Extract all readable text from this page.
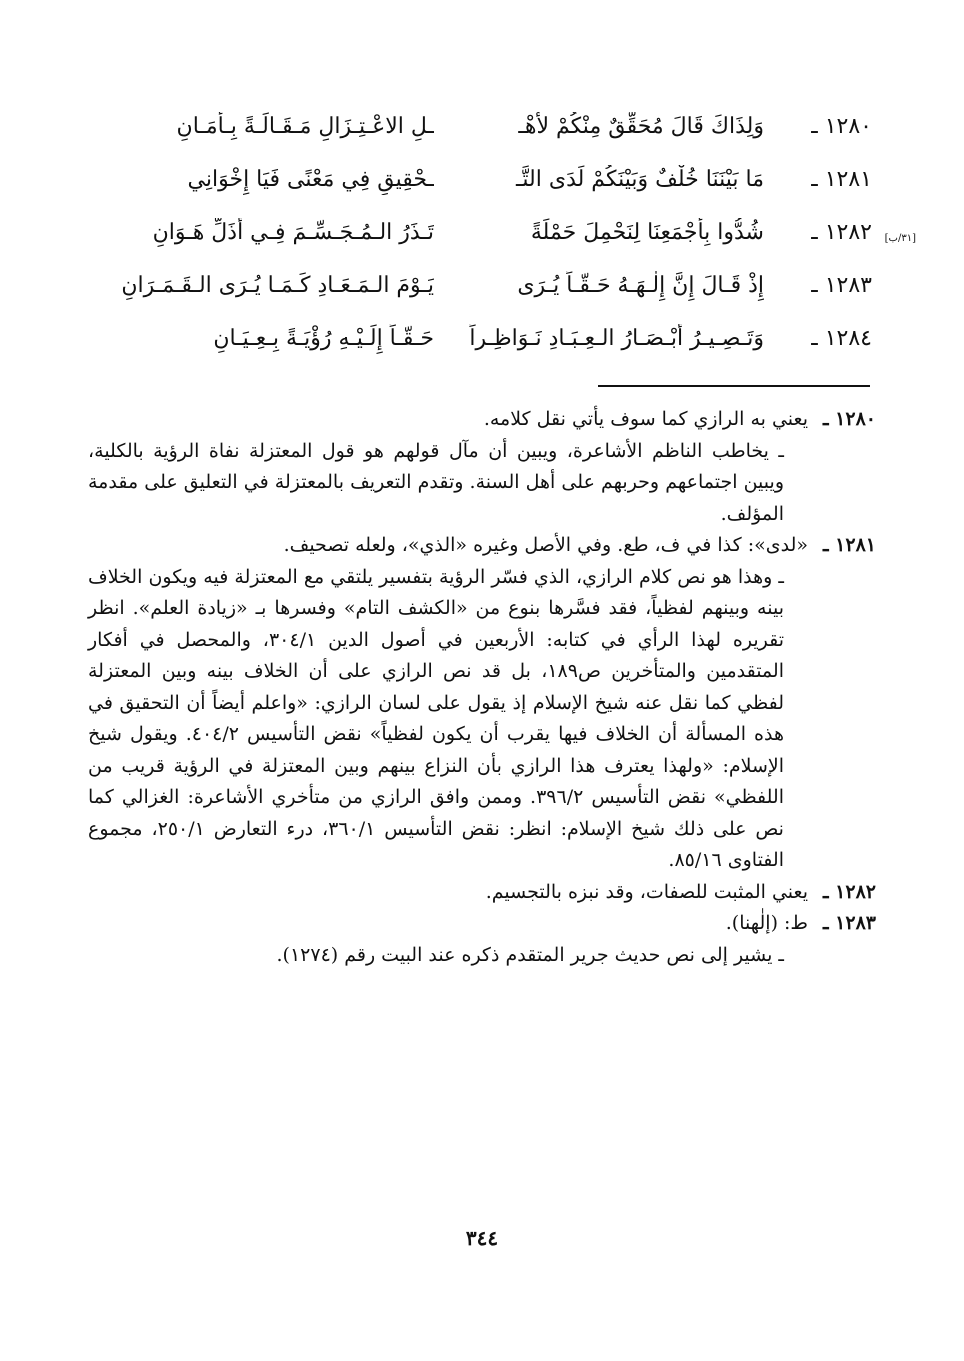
١٢٨٠ ـ
وَلِذَاكَ قَالَ مُحَقِّقٌ مِنْكُمْ لأَهْـ
ـلِ الاعْـتِـزَالِ مَـقَـالَـةً بِـأَمَـانِ
١٢٨١ ـ
مَا بَيْنَنَا خُلْفٌ وَبَيْنَكُمْ لَدَى التَّـ
ـحْقِيقِ فِي مَعْنًى فَيَا إِخْوَانِي
[٣١/ب]
١٢٨٢ ـ
شُدُّوا بِأَجْمَعِنَا لِنَحْمِلَ حَمْلَةً
تَـذَرُ الـمُـجَـسِّـمَ فِـي أَذَلِّ هَـوَانِ
١٢٨٣ ـ
إِذْ قَـالَ إِنَّ إِلٰـهَـهُ حَـقّـاً يُـرَى
يَـوْمَ الـمَـعَـادِ كَـمَـا يُـرَى الـقَـمَـرَانِ
١٢٨٤ ـ
وَتَـصِـيـرُ أَبْـصَـارُ الـعِـبَـادِ نَـوَاظِـراً
حَـقّـاً إِلَـيْـهِ رُؤْيَـةً بِـعِـيَـانِ
١٢٨٠ ـ
يعني به الرازي كما سوف يأتي نقل كلامه.
ـ يخاطب الناظم الأشاعرة، ويبين أن مآل قولهم هو قول المعتزلة نفاة الرؤية بالكلية، ويبين اجتماعهم وحربهم على أهل السنة. وتقدم التعريف بالمعتزلة في التعليق على مقدمة المؤلف.
١٢٨١ ـ
«لدى»: كذا في ف، طع. وفي الأصل وغيره «الذي»، ولعله تصحيف.
ـ وهذا هو نص كلام الرازي، الذي فسّر الرؤية بتفسير يلتقي مع المعتزلة فيه ويكون الخلاف بينه وبينهم لفظياً، فقد فسَّرها بنوع من «الكشف التام» وفسرها بـ «زيادة العلم». انظر تقريره لهذا الرأي في كتابه: الأربعين في أصول الدين ٣٠٤/١، والمحصل في أفكار المتقدمين والمتأخرين ص١٨٩، بل قد نص الرازي على أن الخلاف بينه وبين المعتزلة لفظي كما نقل عنه شيخ الإسلام إذ يقول على لسان الرازي: «واعلم أيضاً أن التحقيق في هذه المسألة أن الخلاف فيها يقرب أن يكون لفظياً» نقض التأسيس ٤٠٤/٢. ويقول شيخ الإسلام: «ولهذا يعترف هذا الرازي بأن النزاع بينهم وبين المعتزلة في الرؤية قريب من اللفظي» نقض التأسيس ٣٩٦/٢. وممن وافق الرازي من متأخري الأشاعرة: الغزالي كما نص على ذلك شيخ الإسلام: انظر: نقض التأسيس ٣٦٠/١، درء التعارض ٢٥٠/١، مجموع الفتاوى ٨٥/١٦.
١٢٨٢ ـ
يعني المثبت للصفات، وقد نبزه بالتجسيم.
١٢٨٣ ـ
ط: (إلٰهنا).
ـ يشير إلى نص حديث جرير المتقدم ذكره عند البيت رقم (١٢٧٤).
٣٤٤
